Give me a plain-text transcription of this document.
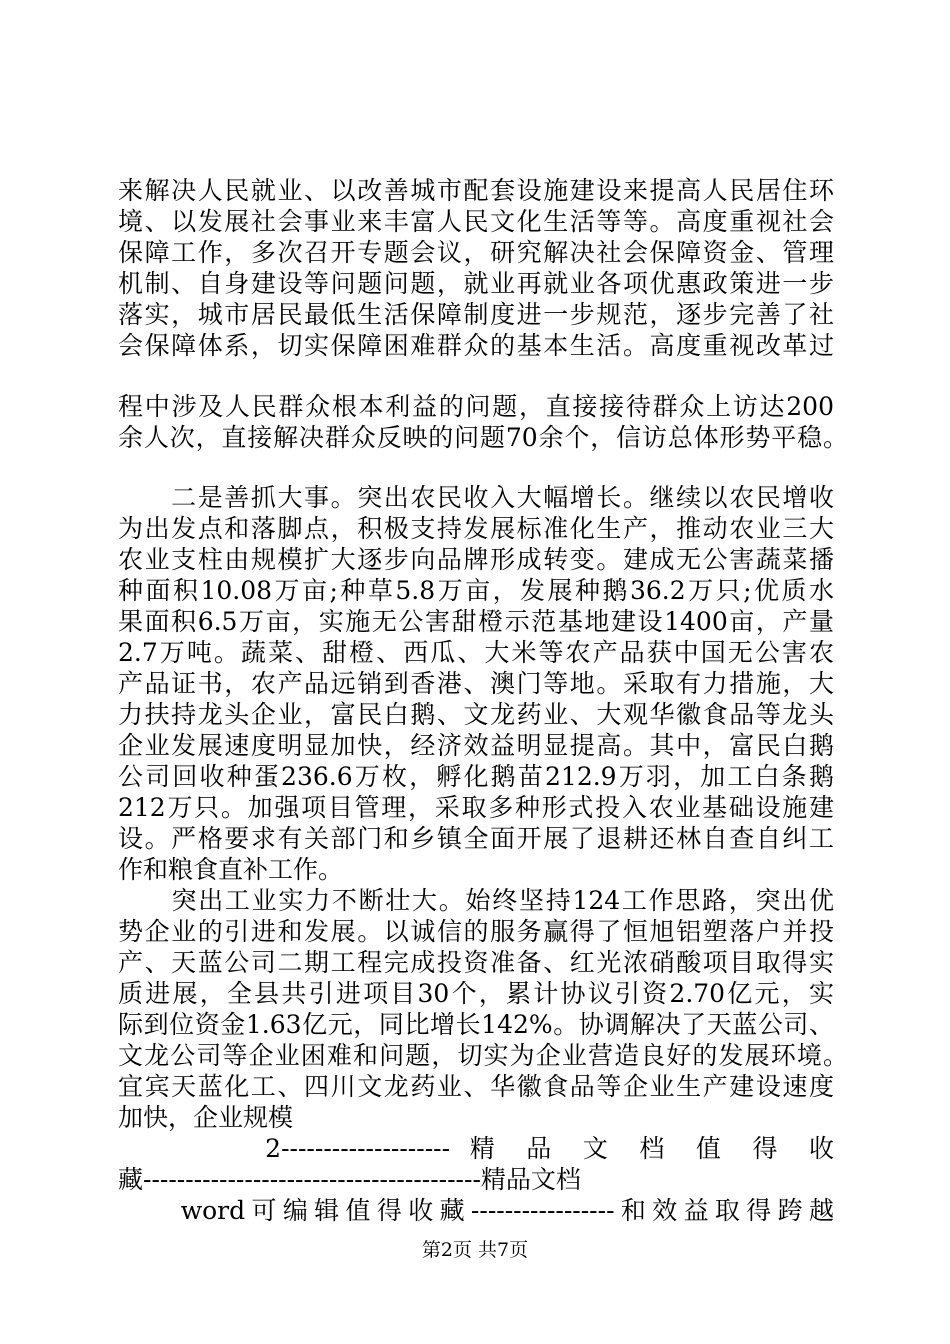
来解决人民就业、以改善城市配套设施建设来提高人民居住环
境、以发展社会事业来丰富人民文化生活等等。高度重视社会
保障工作，多次召开专题会议，研究解决社会保障资金、管理
机制、自身建设等问题问题，就业再就业各项优惠政策进一步
落实，城市居民最低生活保障制度进一步规范，逐步完善了社
会保障体系，切实保障困难群众的基本生活。高度重视改革过
程中涉及人民群众根本利益的问题，直接接待群众上访达200
余人次，直接解决群众反映的问题70余个，信访总体形势平稳。
　　二是善抓大事。突出农民收入大幅增长。继续以农民增收
为出发点和落脚点，积极支持发展标准化生产，推动农业三大
农业支柱由规模扩大逐步向品牌形成转变。建成无公害蔬菜播
种面积10.08万亩;种草5.8万亩，发展种鹅36.2万只;优质水
果面积6.5万亩，实施无公害甜橙示范基地建设1400亩，产量
2.7万吨。蔬菜、甜橙、西瓜、大米等农产品获中国无公害农
产品证书，农产品远销到香港、澳门等地。采取有力措施，大
力扶持龙头企业，富民白鹅、文龙药业、大观华徽食品等龙头
企业发展速度明显加快，经济效益明显提高。其中，富民白鹅
公司回收种蛋236.6万枚，孵化鹅苗212.9万羽，加工白条鹅
212万只。加强项目管理，采取多种形式投入农业基础设施建
设。严格要求有关部门和乡镇全面开展了退耕还林自查自纠工
作和粮食直补工作。
　　突出工业实力不断壮大。始终坚持124工作思路，突出优
势企业的引进和发展。以诚信的服务赢得了恒旭铝塑落户并投
产、天蓝公司二期工程完成投资准备、红光浓硝酸项目取得实
质进展，全县共引进项目30个，累计协议引资2.70亿元，实
际到位资金1.63亿元，同比增长142%。协调解决了天蓝公司、
文龙公司等企业困难和问题，切实为企业营造良好的发展环境。
宜宾天蓝化工、四川文龙药业、华徽食品等企业生产建设速度
加快，企业规模
　　　　2-------------------- 精 品 文 档 值 得 收
藏----------------------------------------精品文档
　　word可编辑值得收藏-----------------和效益取得跨越
第2页 共7页
